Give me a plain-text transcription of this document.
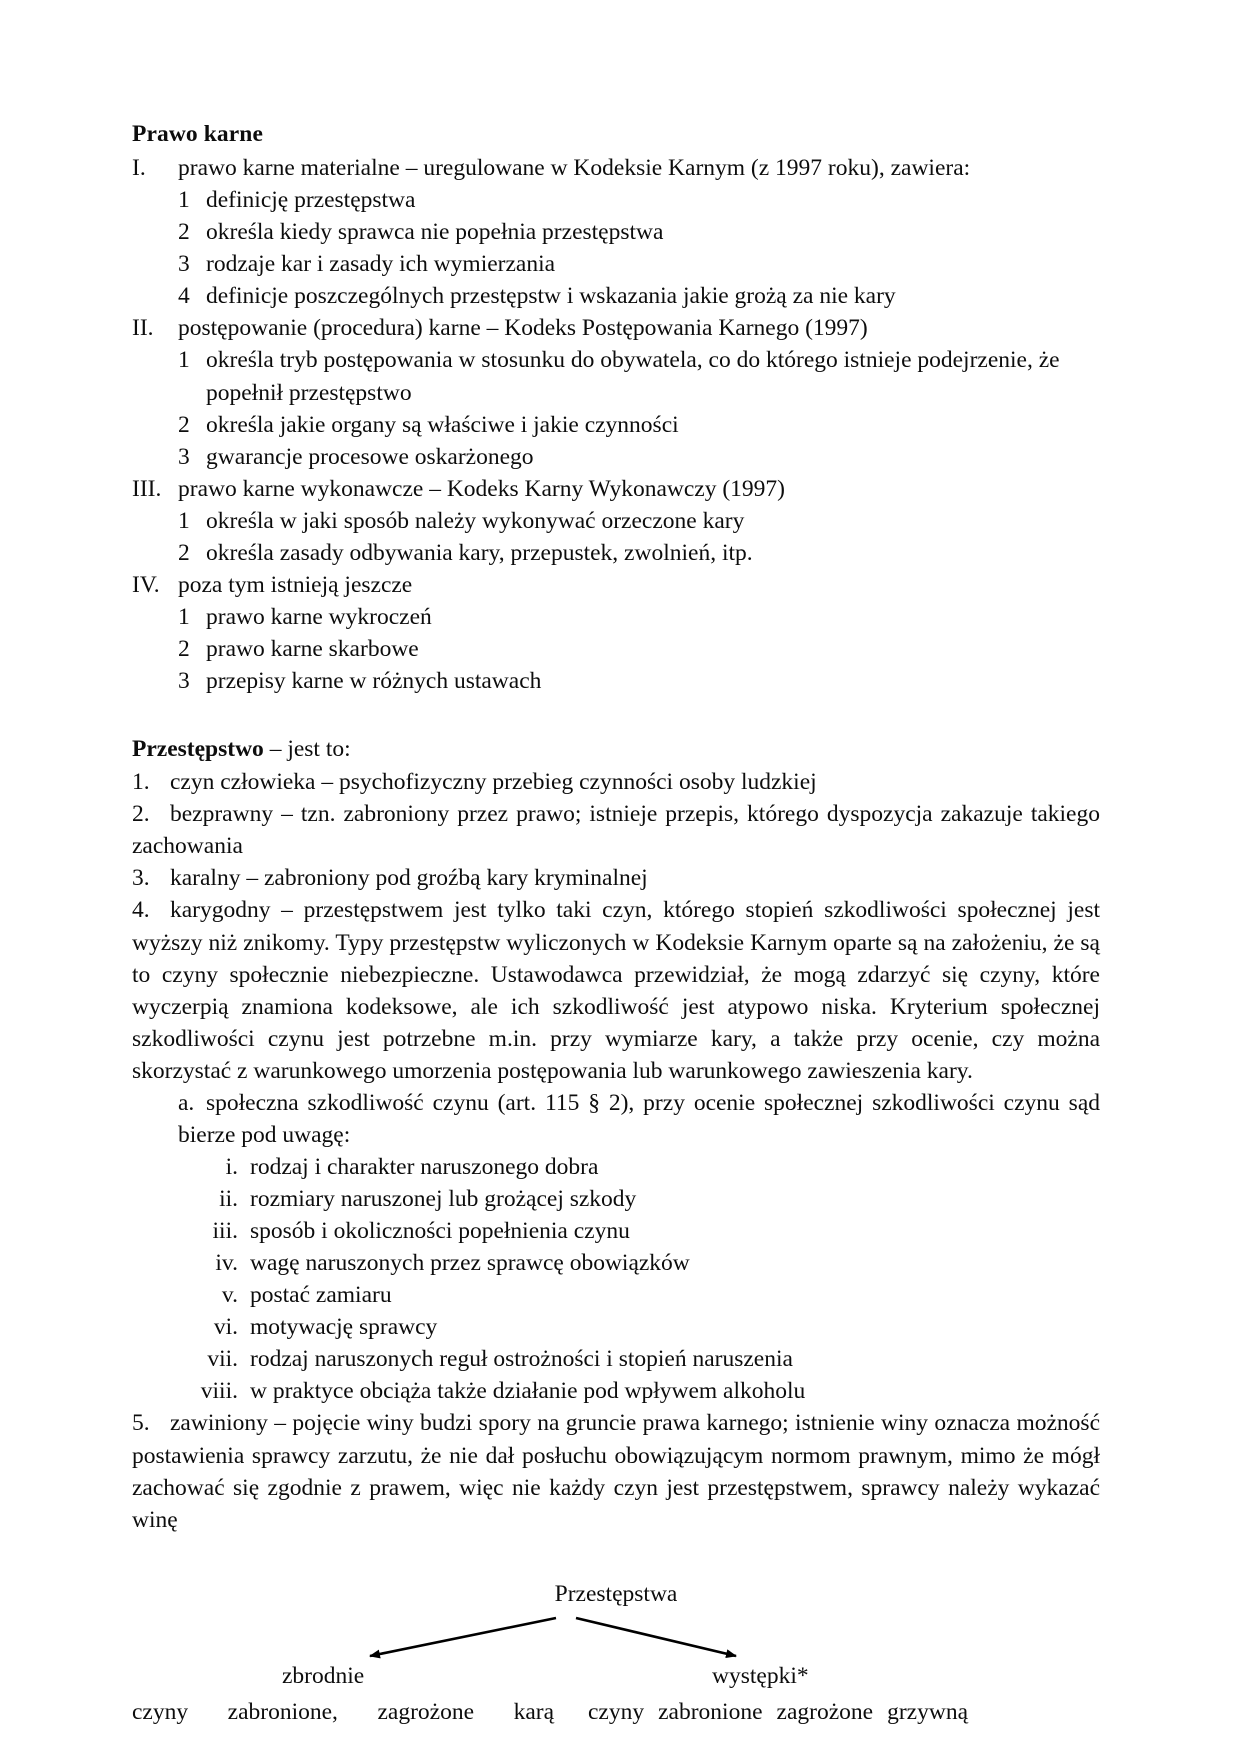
Prawo karne
I.	prawo karne materialne – uregulowane w Kodeksie Karnym (z 1997 roku), zawiera:
1 definicję przestępstwa
2 określa kiedy sprawca nie popełnia przestępstwa
3 rodzaje kar i zasady ich wymierzania
4 definicje poszczególnych przestępstw i wskazania jakie grożą za nie kary
II.	postępowanie (procedura) karne – Kodeks Postępowania Karnego (1997)
1 określa tryb postępowania w stosunku do obywatela, co do którego istnieje podejrzenie, że popełnił przestępstwo
2 określa jakie organy są właściwe i jakie czynności
3 gwarancje procesowe oskarżonego
III. prawo karne wykonawcze – Kodeks Karny Wykonawczy (1997)
1 określa w jaki sposób należy wykonywać orzeczone kary
2 określa zasady odbywania kary, przepustek, zwolnień, itp.
IV. poza tym istnieją jeszcze
1 prawo karne wykroczeń
2 prawo karne skarbowe
3 przepisy karne w różnych ustawach
Przestępstwo – jest to:
1. czyn człowieka – psychofizyczny przebieg czynności osoby ludzkiej
2. bezprawny – tzn. zabroniony przez prawo; istnieje przepis, którego dyspozycja zakazuje takiego zachowania
3. karalny – zabroniony pod groźbą kary kryminalnej
4. karygodny – przestępstwem jest tylko taki czyn, którego stopień szkodliwości społecznej jest wyższy niż znikomy. Typy przestępstw wyliczonych w Kodeksie Karnym oparte są na założeniu, że są to czyny społecznie niebezpieczne. Ustawodawca przewidział, że mogą zdarzyć się czyny, które wyczerpią znamiona kodeksowe, ale ich szkodliwość jest atypowo niska. Kryterium społecznej szkodliwości czynu jest potrzebne m.in. przy wymiarze kary, a także przy ocenie, czy można skorzystać z warunkowego umorzenia postępowania lub warunkowego zawieszenia kary.
a. społeczna szkodliwość czynu (art. 115 § 2), przy ocenie społecznej szkodliwości czynu sąd bierze pod uwagę:
i. rodzaj i charakter naruszonego dobra
ii. rozmiary naruszonej lub grożącej szkody
iii. sposób i okoliczności popełnienia czynu
iv. wagę naruszonych przez sprawcę obowiązków
v. postać zamiaru
vi. motywację sprawcy
vii. rodzaj naruszonych reguł ostrożności i stopień naruszenia
viii. w praktyce obciąża także działanie pod wpływem alkoholu
5. zawiniony – pojęcie winy budzi spory na gruncie prawa karnego; istnienie winy oznacza możność postawienia sprawcy zarzutu, że nie dał posłuchu obowiązującym normom prawnym, mimo że mógł zachować się zgodnie z prawem, więc nie każdy czyn jest przestępstwem, sprawcy należy wykazać winę
Przestępstwa
zbrodnie	występki*
czyny zabronione, zagrożone karą czyny zabronione zagrożone grzywną
